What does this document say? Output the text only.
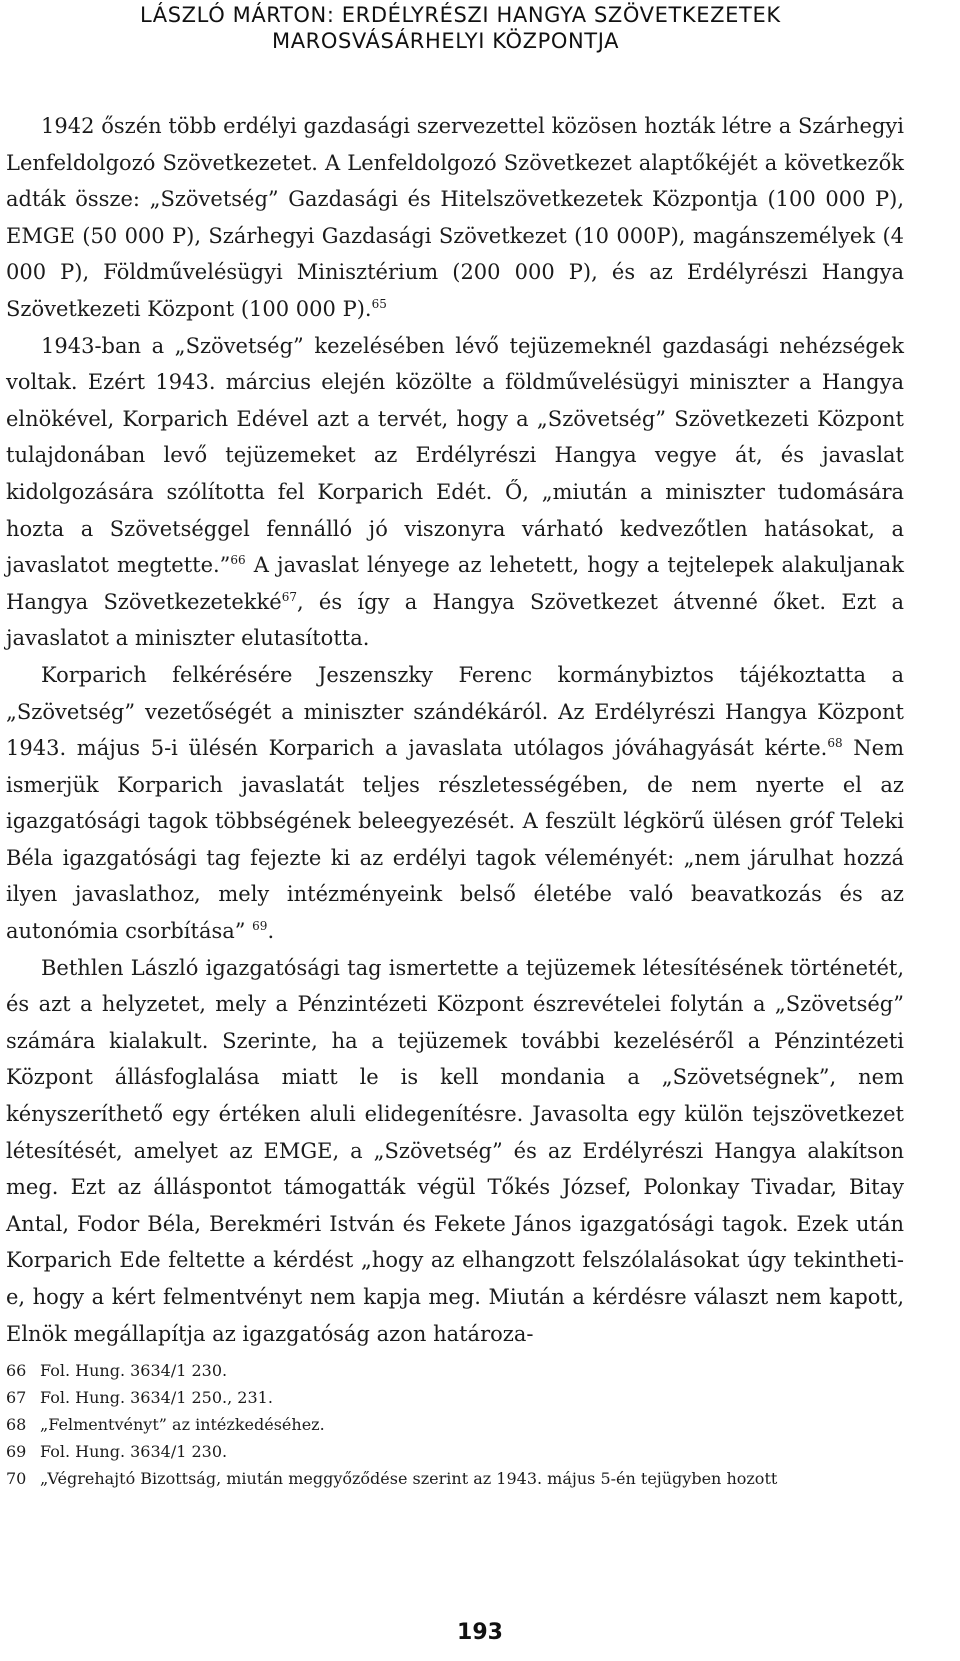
LÁSZLÓ MÁRTON: ERDÉLYRÉSZI HANGYA SZÖVETKEZETEK
MAROSVÁSÁRHELYI KÖZPONTJA

1942 őszén több erdélyi gazdasági szervezettel közösen hozták létre a Szárhegyi Lenfeldolgozó Szövetkezetet. A Lenfeldolgozó Szövetkezet alaptőkéjét a következők adták össze: „Szövetség” Gazdasági és Hitelszövetkezetek Központja (100 000 P), EMGE (50 000 P), Szárhegyi Gazdasági Szövetkezet (10 000P), magánszemélyek (4 000 P), Földművelésügyi Minisztérium (200 000 P), és az Erdélyrészi Hangya Szövetkezeti Központ (100 000 P).$^{65}$

1943-ban a „Szövetség” kezelésében lévő tejüzemeknél gazdasági nehézségek voltak. Ezért 1943. március elején közölte a földművelésügyi miniszter a Hangya elnökével, Korparich Edével azt a tervét, hogy a „Szövetség” Szövetkezeti Központ tulajdonában levő tejüzemeket az Erdélyrészi Hangya vegye át, és javaslat kidolgozására szólította fel Korparich Edét. Ő, „miután a miniszter tudomására hozta a Szövetséggel fennálló jó viszonyra várható kedvezőtlen hatásokat, a javaslatot megtette.”$^{66}$ A javaslat lényege az lehetett, hogy a tejtelepek alakuljanak Hangya Szövetkezetekké$^{67}$, és így a Hangya Szövetkezet átvenné őket. Ezt a javaslatot a miniszter elutasította.

Korparich felkérésére Jeszenszky Ferenc kormánybiztos tájékoztatta a „Szövetség” vezetőségét a miniszter szándékáról. Az Erdélyrészi Hangya Központ 1943. május 5-i ülésén Korparich a javaslata utólagos jóváhagyását kérte.$^{68}$ Nem ismerjük Korparich javaslatát teljes részletességében, de nem nyerte el az igazgatósági tagok többségének beleegyezését. A feszült légkörű ülésen gróf Teleki Béla igazgatósági tag fejezte ki az erdélyi tagok véleményét: „nem járulhat hozzá ilyen javaslathoz, mely intézményeink belső életébe való beavatkozás és az autonómia csorbítása” $^{69}$.

Bethlen László igazgatósági tag ismertette a tejüzemek létesítésének történetét, és azt a helyzetet, mely a Pénzintézeti Központ észrevételei folytán a „Szövetség” számára kialakult. Szerinte, ha a tejüzemek további kezeléséről a Pénzintézeti Központ állásfoglalása miatt le is kell mondania a „Szövetségnek”, nem kényszeríthető egy értéken aluli elidegenítésre. Javasolta egy külön tejszövetkezet létesítését, amelyet az EMGE, a „Szövetség” és az Erdélyrészi Hangya alakítson meg. Ezt az álláspontot támogatták végül Tőkés József, Polonkay Tivadar, Bitay Antal, Fodor Béla, Berekméri István és Fekete János igazgatósági tagok. Ezek után Korparich Ede feltette a kérdést „hogy az elhangzott felszólalásokat úgy tekintheti-e, hogy a kért felmentvényt nem kapja meg. Miután a kérdésre választ nem kapott, Elnök megállapítja az igazgatóság azon határoza-

66 Fol. Hung. 3634/1 230.
67 Fol. Hung. 3634/1 250., 231.
68 „Felmentvényt” az intézkedéséhez.
69 Fol. Hung. 3634/1 230.
70 „Végrehajtó Bizottság, miután meggyőződése szerint az 1943. május 5-én tejügyben hozott
193
